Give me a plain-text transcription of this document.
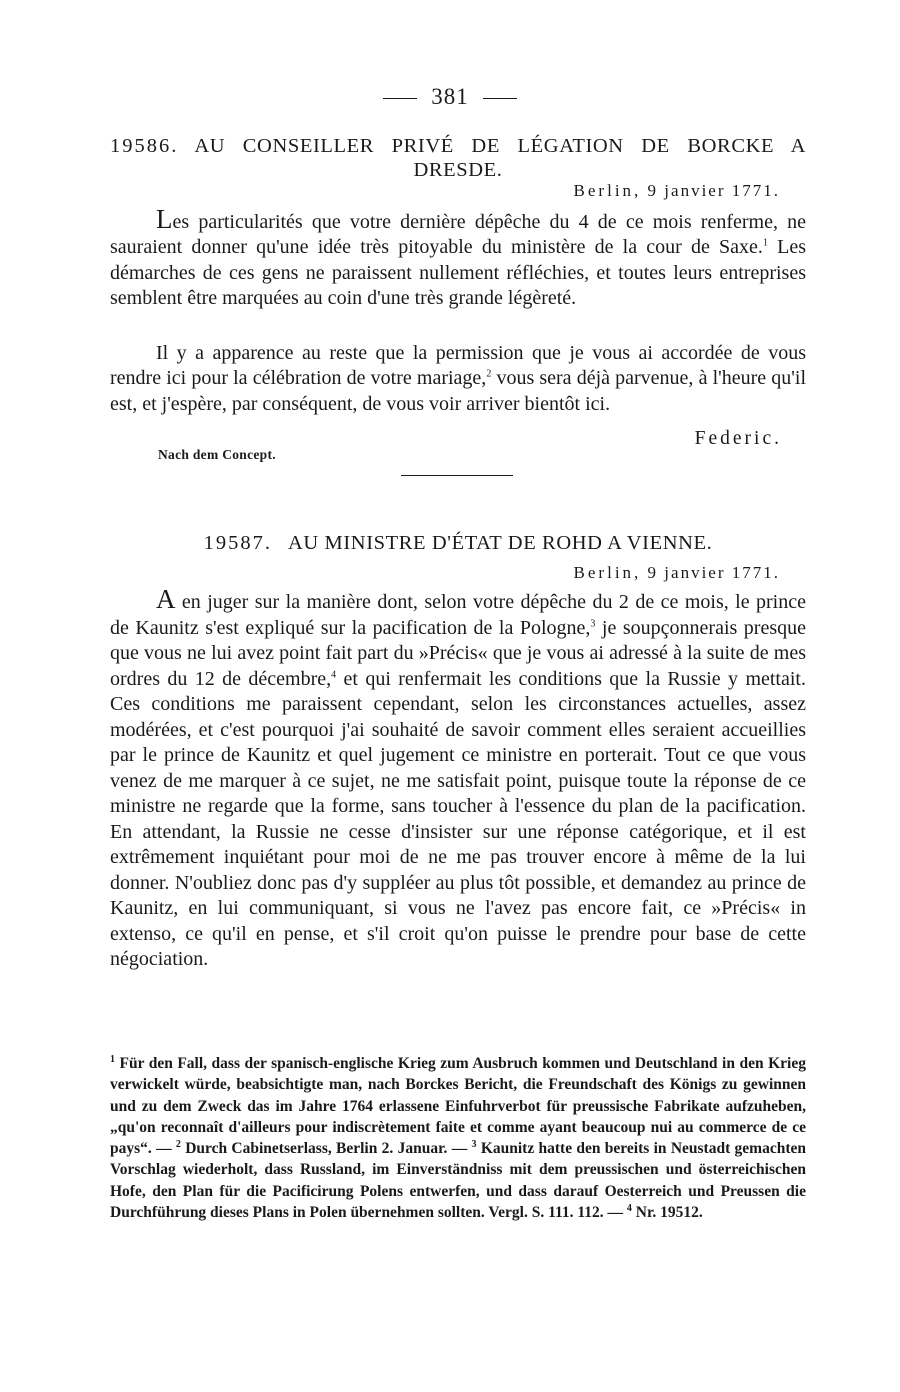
381
19586. AU CONSEILLER PRIVÉ DE LÉGATION DE BORCKE A DRESDE.
Berlin, 9 janvier 1771.

Les particularités que votre dernière dépêche du 4 de ce mois renferme, ne sauraient donner qu'une idée très pitoyable du ministère de la cour de Saxe.$^1$ Les démarches de ces gens ne paraissent nullement réfléchies, et toutes leurs entreprises semblent être marquées au coin d'une très grande légèreté.

Il y a apparence au reste que la permission que je vous ai accordée de vous rendre ici pour la célébration de votre mariage,$^2$ vous sera déjà parvenue, à l'heure qu'il est, et j'espère, par conséquent, de vous voir arriver bientôt ici.

Federic.
Nach dem Concept.
19587. AU MINISTRE D'ÉTAT DE ROHD A VIENNE.
Berlin, 9 janvier 1771.

A en juger sur la manière dont, selon votre dépêche du 2 de ce mois, le prince de Kaunitz s'est expliqué sur la pacification de la Pologne,$^3$ je soupçonnerais presque que vous ne lui avez point fait part du »Précis« que je vous ai adressé à la suite de mes ordres du 12 de décembre,$^4$ et qui renfermait les conditions que la Russie y mettait. Ces conditions me paraissent cependant, selon les circonstances actuelles, assez modérées, et c'est pourquoi j'ai souhaité de savoir comment elles seraient accueillies par le prince de Kaunitz et quel jugement ce ministre en porterait. Tout ce que vous venez de me marquer à ce sujet, ne me satisfait point, puisque toute la réponse de ce ministre ne regarde que la forme, sans toucher à l'essence du plan de la pacification. En attendant, la Russie ne cesse d'insister sur une réponse catégorique, et il est extrêmement inquiétant pour moi de ne me pas trouver encore à même de la lui donner. N'oubliez donc pas d'y suppléer au plus tôt possible, et demandez au prince de Kaunitz, en lui communiquant, si vous ne l'avez pas encore fait, ce »Précis« in extenso, ce qu'il en pense, et s'il croit qu'on puisse le prendre pour base de cette négociation.

$^1$ Für den Fall, dass der spanisch-englische Krieg zum Ausbruch kommen und Deutschland in den Krieg verwickelt würde, beabsichtigte man, nach Borckes Bericht, die Freundschaft des Königs zu gewinnen und zu dem Zweck das im Jahre 1764 erlassene Einfuhrverbot für preussische Fabrikate aufzuheben, „qu'on reconnaît d'ailleurs pour indiscrètement faite et comme ayant beaucoup nui au commerce de ce pays“. — $^2$ Durch Cabinetserlass, Berlin 2. Januar. — $^3$ Kaunitz hatte den bereits in Neustadt gemachten Vorschlag wiederholt, dass Russland, im Einverständniss mit dem preussischen und österreichischen Hofe, den Plan für die Pacificirung Polens entwerfen, und dass darauf Oesterreich und Preussen die Durchführung dieses Plans in Polen übernehmen sollten. Vergl. S. 111. 112. — $^4$ Nr. 19512.
